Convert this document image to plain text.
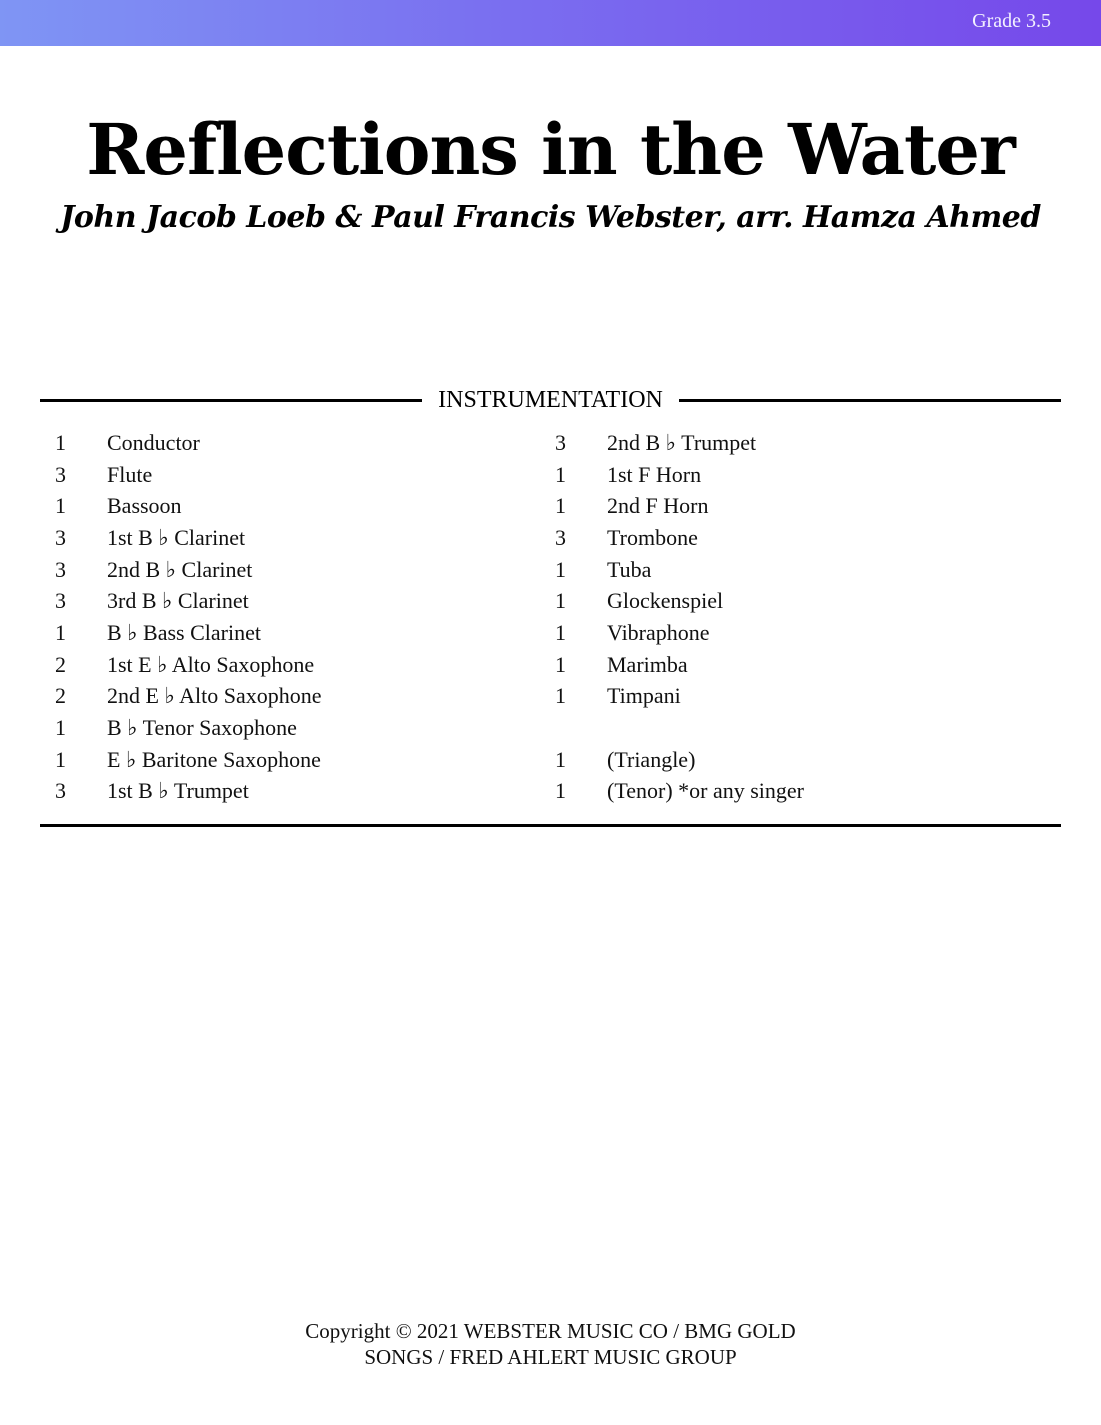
Grade 3.5
Reflections in the Water
John Jacob Loeb & Paul Francis Webster, arr. Hamza Ahmed
INSTRUMENTATION
1	Conductor
3	Flute
1	Bassoon
3	1st B ♭ Clarinet
3	2nd B ♭ Clarinet
3	3rd B ♭ Clarinet
1	B ♭ Bass Clarinet
2	1st E ♭ Alto Saxophone
2	2nd E ♭ Alto Saxophone
1	B ♭ Tenor Saxophone
1	E ♭ Baritone Saxophone
3	1st B ♭ Trumpet
3	2nd B ♭ Trumpet
1	1st F Horn
1	2nd F Horn
3	Trombone
1	Tuba
1	Glockenspiel
1	Vibraphone
1	Marimba
1	Timpani
1	(Triangle)
1	(Tenor) *or any singer
Copyright © 2021 WEBSTER MUSIC CO / BMG GOLD
SONGS / FRED AHLERT MUSIC GROUP
